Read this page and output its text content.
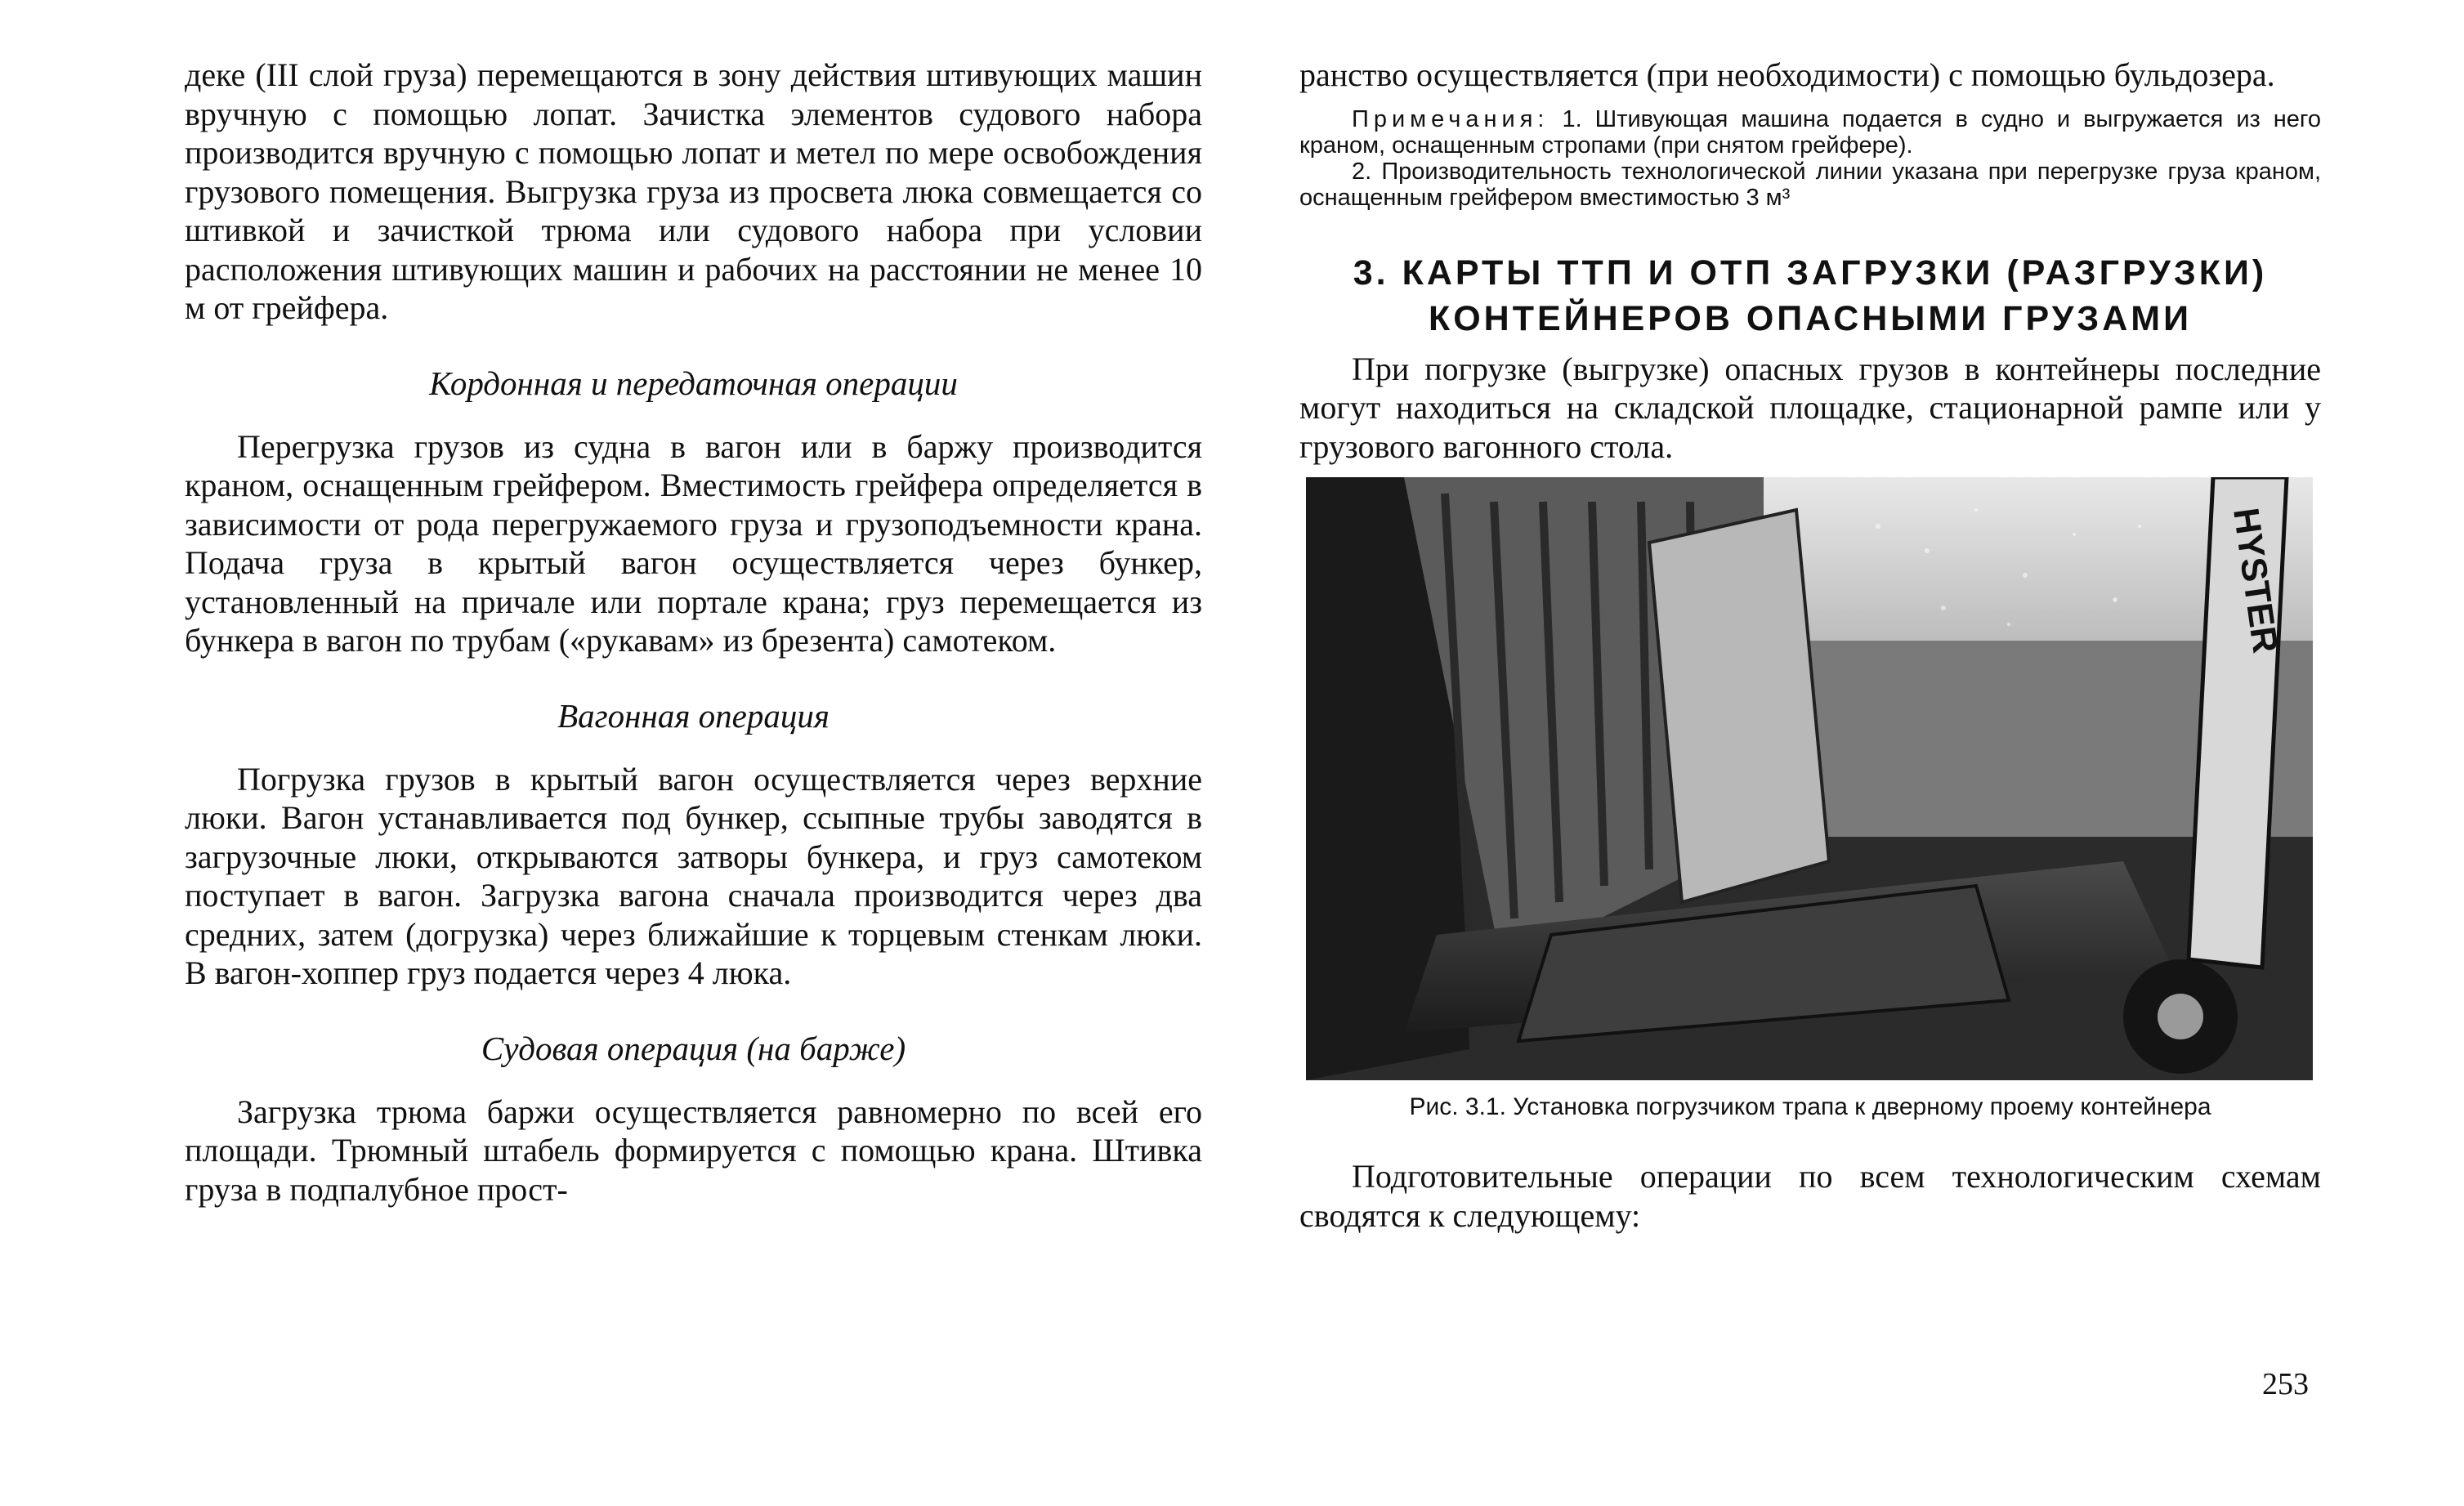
деке (III слой груза) перемещаются в зону действия штивующих машин вручную с помощью лопат. Зачистка элементов судового набора производится вручную с помощью лопат и метел по мере освобождения грузового помещения. Выгрузка груза из просвета люка совмещается со штивкой и зачисткой трюма или судового набора при условии расположения штивующих машин и рабочих на расстоянии не менее 10 м от грейфера.

Кордонная и передаточная операции

Перегрузка грузов из судна в вагон или в баржу производится краном, оснащенным грейфером. Вместимость грейфера определяется в зависимости от рода перегружаемого груза и грузоподъемности крана. Подача груза в крытый вагон осуществляется через бункер, установленный на причале или портале крана; груз перемещается из бункера в вагон по трубам («рукавам» из брезента) самотеком.

Вагонная операция

Погрузка грузов в крытый вагон осуществляется через верхние люки. Вагон устанавливается под бункер, ссыпные трубы заводятся в загрузочные люки, открываются затворы бункера, и груз самотеком поступает в вагон. Загрузка вагона сначала производится через два средних, затем (догрузка) через ближайшие к торцевым стенкам люки. В вагон-хоппер груз подается через 4 люка.

Судовая операция (на барже)

Загрузка трюма баржи осуществляется равномерно по всей его площади. Трюмный штабель формируется с помощью крана. Штивка груза в подпалубное прост-

ранство осуществляется (при необходимости) с помощью бульдозера.

Примечания: 1. Штивующая машина подается в судно и выгружается из него краном, оснащенным стропами (при снятом грейфере).

2. Производительность технологической линии указана при перегрузке груза краном, оснащенным грейфером вместимостью 3 м³

3. КАРТЫ ТТП И ОТП ЗАГРУЗКИ (РАЗГРУЗКИ)
КОНТЕЙНЕРОВ ОПАСНЫМИ ГРУЗАМИ

При погрузке (выгрузке) опасных грузов в контейнеры последние могут находиться на складской площадке, стационарной рампе или у грузового вагонного стола.

HYSTER
Рис. 3.1. Установка погрузчиком трапа к дверному проему контейнера

Подготовительные операции по всем технологическим схемам сводятся к следующему:

253
